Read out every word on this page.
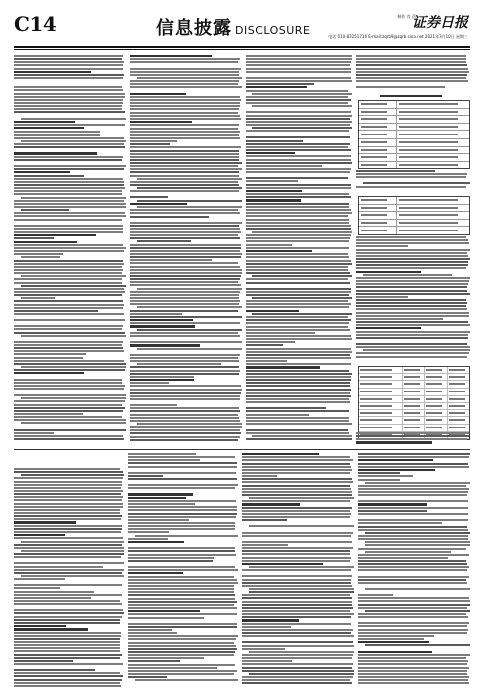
C14	信息披露 DISCLOSURE
制作 肖 蓓
证券日报
电话 010-83251716 E-mail:zqrb9@zqrb.sina.net 2021年3月10日 星期三
